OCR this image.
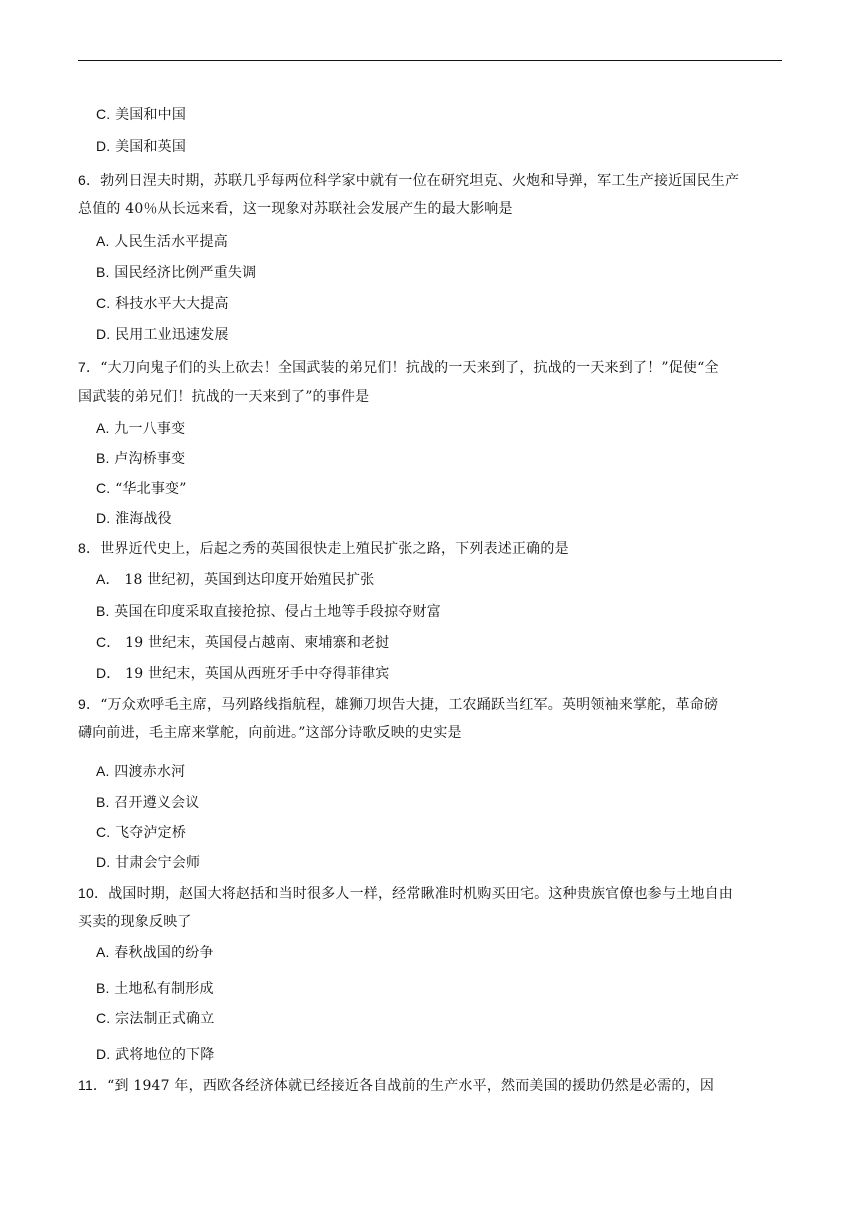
C. 美国和中国
D. 美国和英国
6．勃列日涅夫时期，苏联几乎每两位科学家中就有一位在研究坦克、火炮和导弹，军工生产接近国民生产
总值的 40％从长远来看，这一现象对苏联社会发展产生的最大影响是
A. 人民生活水平提高
B. 国民经济比例严重失调
C. 科技水平大大提高
D. 民用工业迅速发展
7．“大刀向鬼子们的头上砍去！全国武装的弟兄们！抗战的一天来到了，抗战的一天来到了！”促使“全
国武装的弟兄们！抗战的一天来到了”的事件是
A. 九一八事变
B. 卢沟桥事变
C. “华北事变”
D. 淮海战役
8．世界近代史上，后起之秀的英国很快走上殖民扩张之路，下列表述正确的是
A． 18 世纪初，英国到达印度开始殖民扩张
B. 英国在印度采取直接抢掠、侵占土地等手段掠夺财富
C． 19 世纪末，英国侵占越南、柬埔寨和老挝
D． 19 世纪末，英国从西班牙手中夺得菲律宾
9．“万众欢呼毛主席，马列路线指航程，雄狮刀坝告大捷，工农踊跃当红军。英明领袖来掌舵，革命磅
礴向前进，毛主席来掌舵，向前进。”这部分诗歌反映的史实是
A. 四渡赤水河
B. 召开遵义会议
C. 飞夺泸定桥
D. 甘肃会宁会师
10．战国时期，赵国大将赵括和当时很多人一样，经常瞅准时机购买田宅。这种贵族官僚也参与土地自由
买卖的现象反映了
A. 春秋战国的纷争
B. 土地私有制形成
C. 宗法制正式确立
D. 武将地位的下降
11．“到 1947 年，西欧各经济体就已经接近各自战前的生产水平，然而美国的援助仍然是必需的，因
